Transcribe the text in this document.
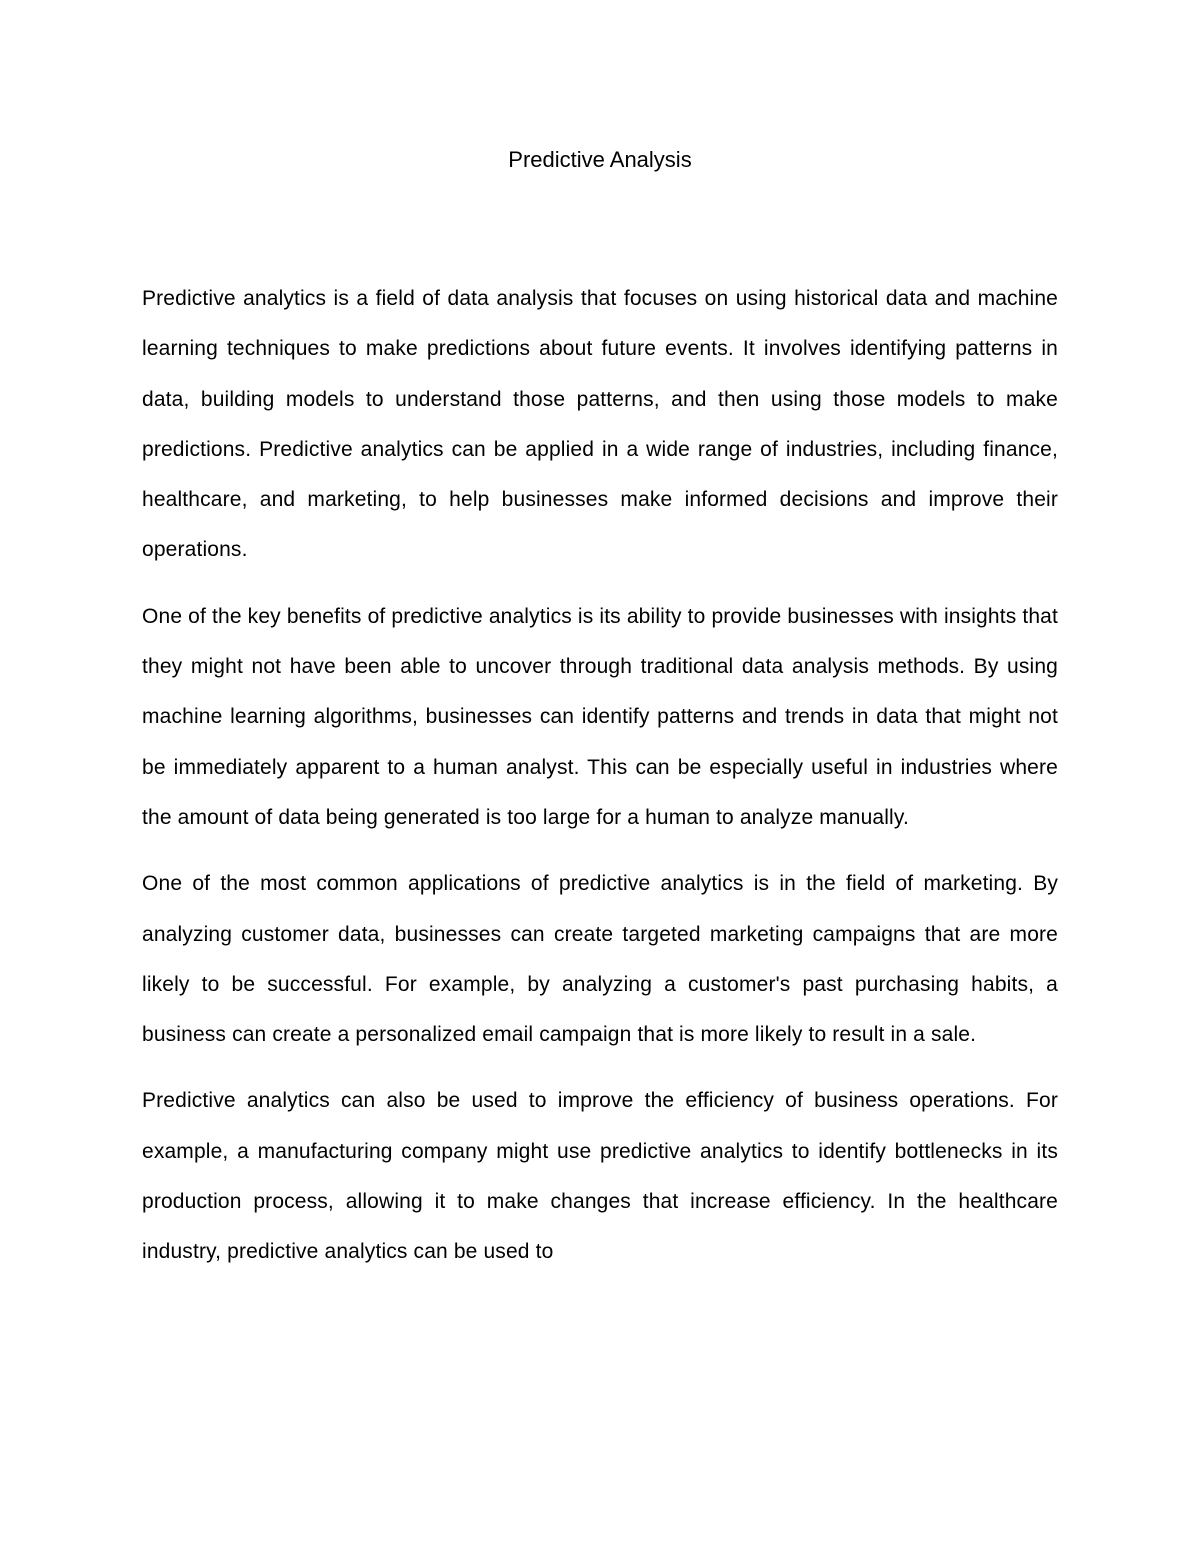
Predictive Analysis

Predictive analytics is a field of data analysis that focuses on using historical data and machine learning techniques to make predictions about future events. It involves identifying patterns in data, building models to understand those patterns, and then using those models to make predictions. Predictive analytics can be applied in a wide range of industries, including finance, healthcare, and marketing, to help businesses make informed decisions and improve their operations.

One of the key benefits of predictive analytics is its ability to provide businesses with insights that they might not have been able to uncover through traditional data analysis methods. By using machine learning algorithms, businesses can identify patterns and trends in data that might not be immediately apparent to a human analyst. This can be especially useful in industries where the amount of data being generated is too large for a human to analyze manually.

One of the most common applications of predictive analytics is in the field of marketing. By analyzing customer data, businesses can create targeted marketing campaigns that are more likely to be successful. For example, by analyzing a customer's past purchasing habits, a business can create a personalized email campaign that is more likely to result in a sale.

Predictive analytics can also be used to improve the efficiency of business operations. For example, a manufacturing company might use predictive analytics to identify bottlenecks in its production process, allowing it to make changes that increase efficiency. In the healthcare industry, predictive analytics can be used to
